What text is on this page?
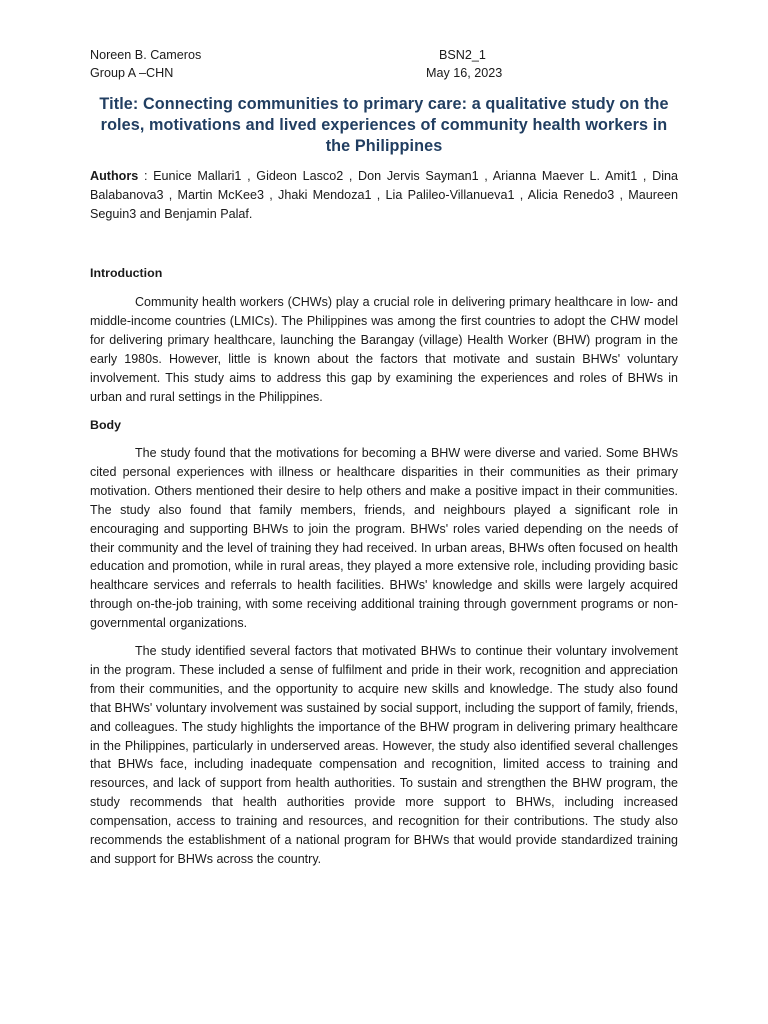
Noreen B. Cameros
Group A –CHN
BSN2_1
May 16, 2023
Title: Connecting communities to primary care: a qualitative study on the roles, motivations and lived experiences of community health workers in the Philippines
Authors : Eunice Mallari1 , Gideon Lasco2 , Don Jervis Sayman1 , Arianna Maever L. Amit1 , Dina Balabanova3 , Martin McKee3 , Jhaki Mendoza1 , Lia Palileo-Villanueva1 , Alicia Renedo3 , Maureen Seguin3 and Benjamin Palaf.
Introduction
Community health workers (CHWs) play a crucial role in delivering primary healthcare in low- and middle-income countries (LMICs). The Philippines was among the first countries to adopt the CHW model for delivering primary healthcare, launching the Barangay (village) Health Worker (BHW) program in the early 1980s. However, little is known about the factors that motivate and sustain BHWs' voluntary involvement. This study aims to address this gap by examining the experiences and roles of BHWs in urban and rural settings in the Philippines.
Body
The study found that the motivations for becoming a BHW were diverse and varied. Some BHWs cited personal experiences with illness or healthcare disparities in their communities as their primary motivation. Others mentioned their desire to help others and make a positive impact in their communities. The study also found that family members, friends, and neighbours played a significant role in encouraging and supporting BHWs to join the program. BHWs' roles varied depending on the needs of their community and the level of training they had received. In urban areas, BHWs often focused on health education and promotion, while in rural areas, they played a more extensive role, including providing basic healthcare services and referrals to health facilities. BHWs' knowledge and skills were largely acquired through on-the-job training, with some receiving additional training through government programs or non-governmental organizations.
The study identified several factors that motivated BHWs to continue their voluntary involvement in the program. These included a sense of fulfilment and pride in their work, recognition and appreciation from their communities, and the opportunity to acquire new skills and knowledge. The study also found that BHWs' voluntary involvement was sustained by social support, including the support of family, friends, and colleagues. The study highlights the importance of the BHW program in delivering primary healthcare in the Philippines, particularly in underserved areas. However, the study also identified several challenges that BHWs face, including inadequate compensation and recognition, limited access to training and resources, and lack of support from health authorities. To sustain and strengthen the BHW program, the study recommends that health authorities provide more support to BHWs, including increased compensation, access to training and resources, and recognition for their contributions. The study also recommends the establishment of a national program for BHWs that would provide standardized training and support for BHWs across the country.
